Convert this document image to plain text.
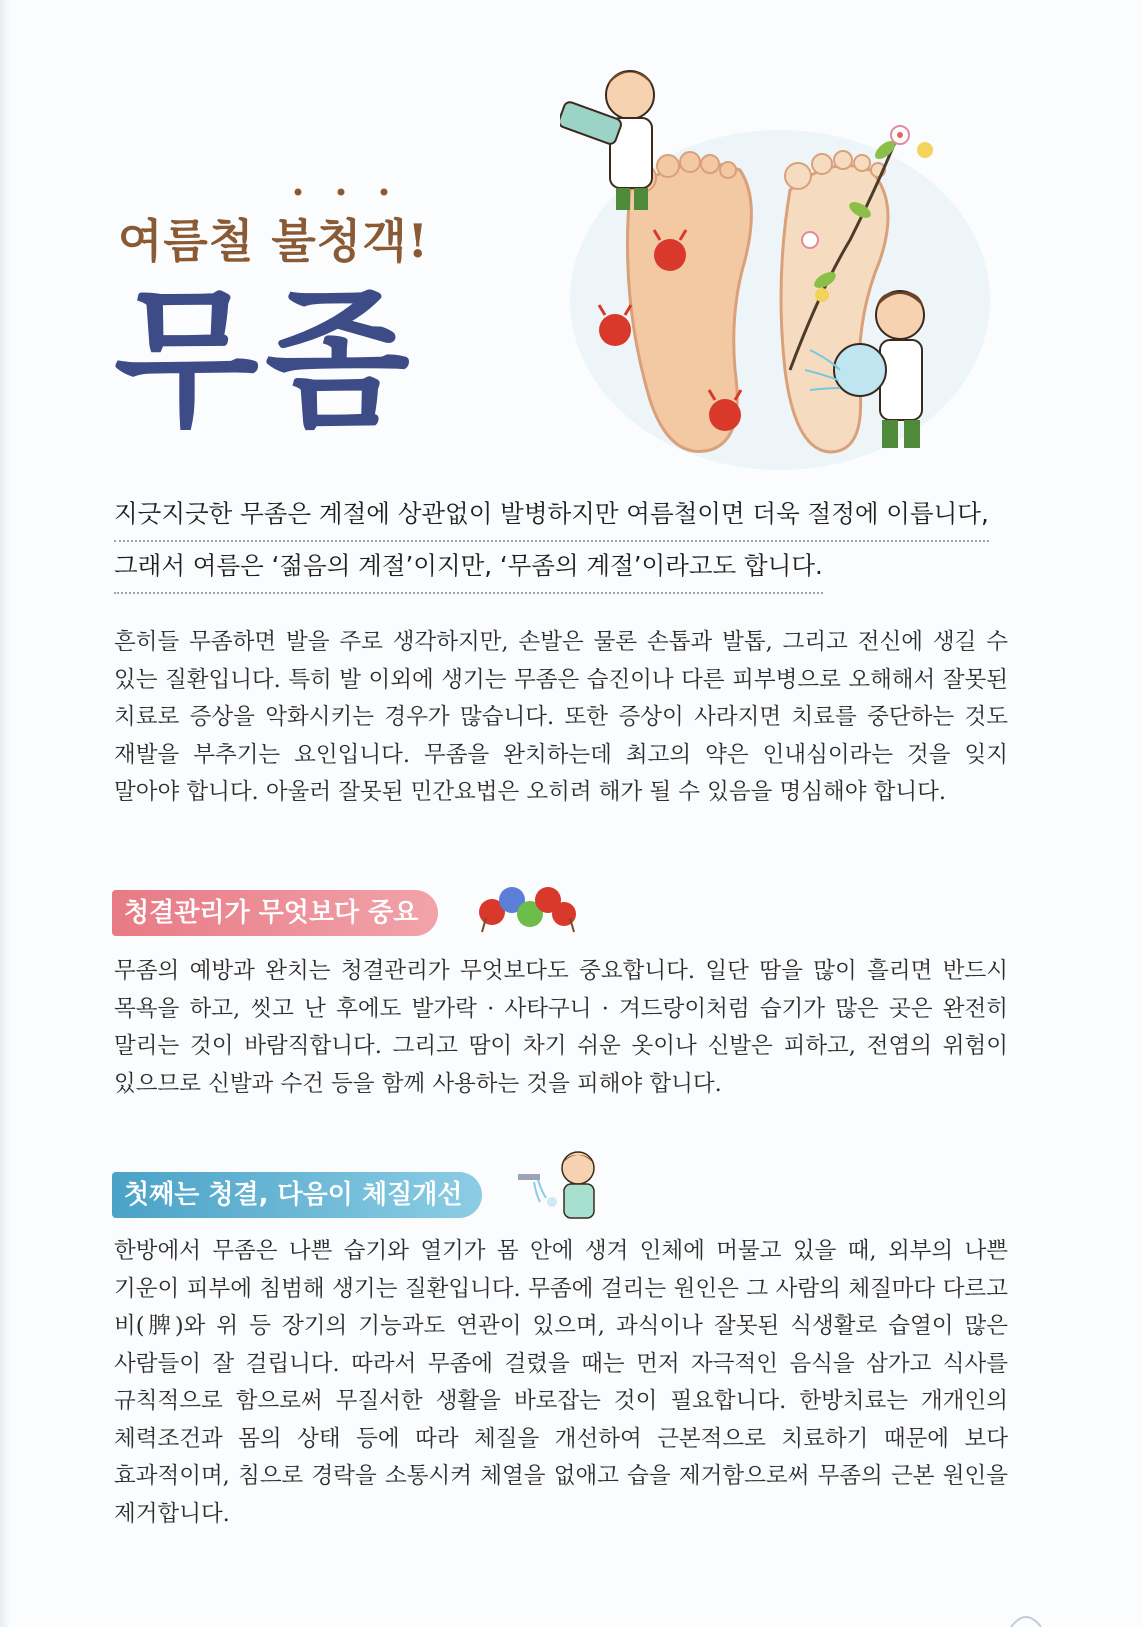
여름철 불청객!
무좀
지긋지긋한 무좀은 계절에 상관없이 발병하지만 여름철이면 더욱 절정에 이릅니다,
그래서 여름은 ‘젊음의 계절’이지만, ‘무좀의 계절’이라고도 합니다.

흔히들 무좀하면 발을 주로 생각하지만, 손발은 물론 손톱과 발톱, 그리고 전신에 생길 수 있는 질환입니다. 특히 발 이외에 생기는 무좀은 습진이나 다른 피부병으로 오해해서 잘못된 치료로 증상을 악화시키는 경우가 많습니다. 또한 증상이 사라지면 치료를 중단하는 것도 재발을 부추기는 요인입니다. 무좀을 완치하는데 최고의 약은 인내심이라는 것을 잊지 말아야 합니다. 아울러 잘못된 민간요법은 오히려 해가 될 수 있음을 명심해야 합니다.

청결관리가 무엇보다 중요

무좀의 예방과 완치는 청결관리가 무엇보다도 중요합니다. 일단 땀을 많이 흘리면 반드시 목욕을 하고, 씻고 난 후에도 발가락 · 사타구니 · 겨드랑이처럼 습기가 많은 곳은 완전히 말리는 것이 바람직합니다. 그리고 땀이 차기 쉬운 옷이나 신발은 피하고, 전염의 위험이 있으므로 신발과 수건 등을 함께 사용하는 것을 피해야 합니다.

첫째는 청결, 다음이 체질개선

한방에서 무좀은 나쁜 습기와 열기가 몸 안에 생겨 인체에 머물고 있을 때, 외부의 나쁜 기운이 피부에 침범해 생기는 질환입니다. 무좀에 걸리는 원인은 그 사람의 체질마다 다르고 비(脾)와 위 등 장기의 기능과도 연관이 있으며, 과식이나 잘못된 식생활로 습열이 많은 사람들이 잘 걸립니다. 따라서 무좀에 걸렸을 때는 먼저 자극적인 음식을 삼가고 식사를 규칙적으로 함으로써 무질서한 생활을 바로잡는 것이 필요합니다. 한방치료는 개개인의 체력조건과 몸의 상태 등에 따라 체질을 개선하여 근본적으로 치료하기 때문에 보다 효과적이며, 침으로 경락을 소통시켜 체열을 없애고 습을 제거함으로써 무좀의 근본 원인을 제거합니다.
